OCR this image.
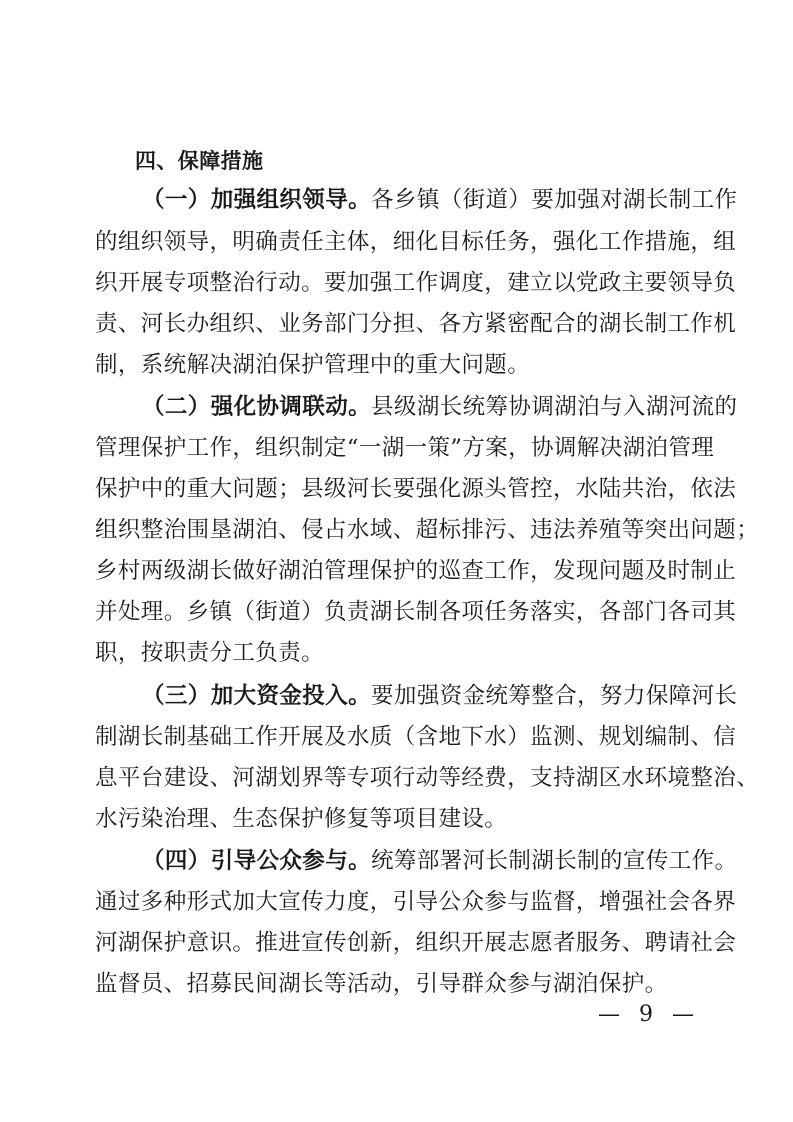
四、保障措施
（一）加强组织领导。各乡镇（街道）要加强对湖长制工作
的组织领导，明确责任主体，细化目标任务，强化工作措施，组
织开展专项整治行动。要加强工作调度，建立以党政主要领导负
责、河长办组织、业务部门分担、各方紧密配合的湖长制工作机
制，系统解决湖泊保护管理中的重大问题。
（二）强化协调联动。县级湖长统筹协调湖泊与入湖河流的
管理保护工作，组织制定“一湖一策”方案，协调解决湖泊管理
保护中的重大问题；县级河长要强化源头管控，水陆共治，依法
组织整治围垦湖泊、侵占水域、超标排污、违法养殖等突出问题；
乡村两级湖长做好湖泊管理保护的巡查工作，发现问题及时制止
并处理。乡镇（街道）负责湖长制各项任务落实，各部门各司其
职，按职责分工负责。
（三）加大资金投入。要加强资金统筹整合，努力保障河长
制湖长制基础工作开展及水质（含地下水）监测、规划编制、信
息平台建设、河湖划界等专项行动等经费，支持湖区水环境整治、
水污染治理、生态保护修复等项目建设。
（四）引导公众参与。统筹部署河长制湖长制的宣传工作。
通过多种形式加大宣传力度，引导公众参与监督，增强社会各界
河湖保护意识。推进宣传创新，组织开展志愿者服务、聘请社会
监督员、招募民间湖长等活动，引导群众参与湖泊保护。
— 9 —
